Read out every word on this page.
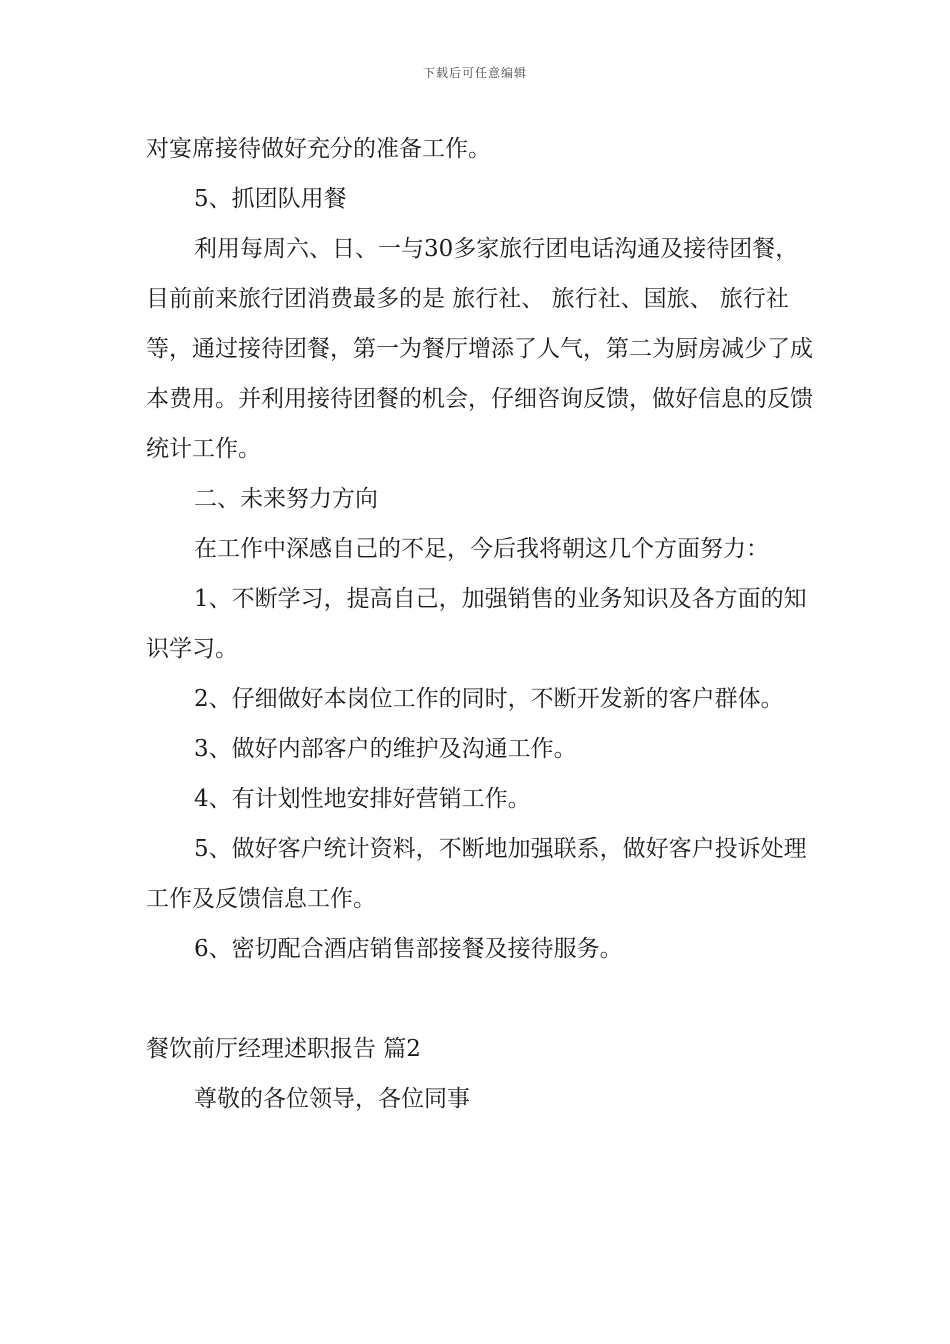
下载后可任意编辑

对宴席接待做好充分的准备工作。

5、抓团队用餐

利用每周六、日、一与30多家旅行团电话沟通及接待团餐，目前前来旅行团消费最多的是 旅行社、 旅行社、国旅、 旅行社等，通过接待团餐，第一为餐厅增添了人气，第二为厨房减少了成本费用。并利用接待团餐的机会，仔细咨询反馈，做好信息的反馈统计工作。

二、未来努力方向

在工作中深感自己的不足，今后我将朝这几个方面努力：

1、不断学习，提高自己，加强销售的业务知识及各方面的知识学习。

2、仔细做好本岗位工作的同时，不断开发新的客户群体。

3、做好内部客户的维护及沟通工作。

4、有计划性地安排好营销工作。

5、做好客户统计资料，不断地加强联系，做好客户投诉处理工作及反馈信息工作。

6、密切配合酒店销售部接餐及接待服务。

餐饮前厅经理述职报告 篇2

尊敬的各位领导，各位同事
